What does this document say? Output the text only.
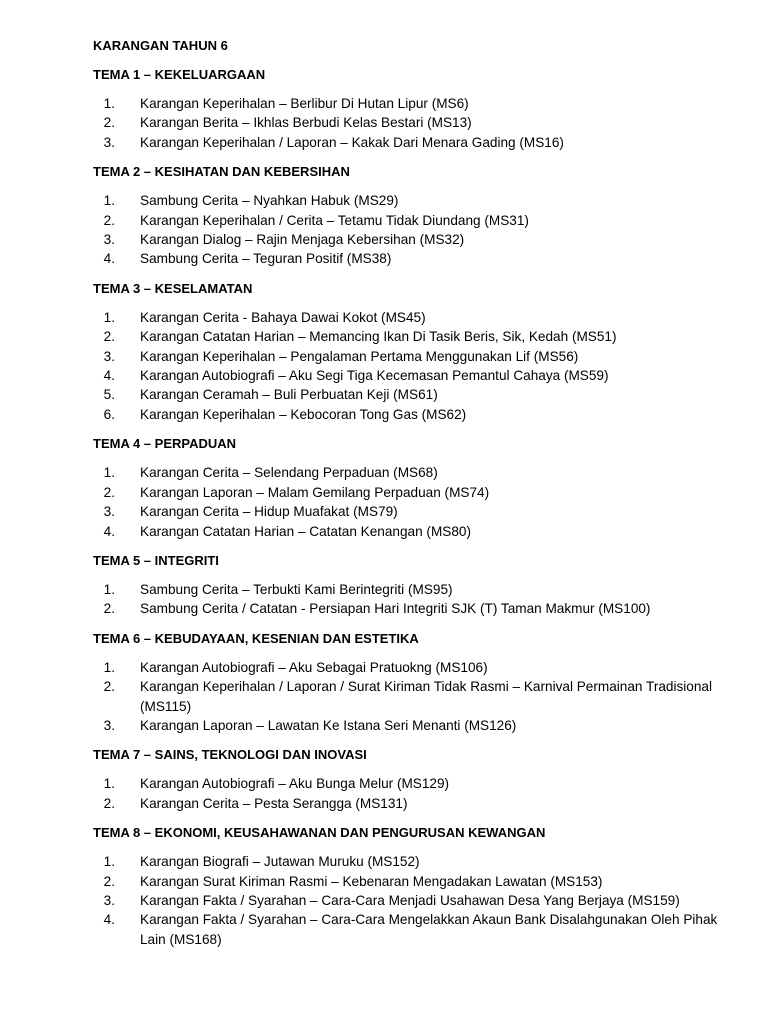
KARANGAN TAHUN 6
TEMA 1 – KEKELUARGAAN
1. Karangan Keperihalan – Berlibur Di Hutan Lipur (MS6)
2. Karangan Berita – Ikhlas Berbudi Kelas Bestari (MS13)
3. Karangan Keperihalan / Laporan – Kakak Dari Menara Gading (MS16)
TEMA 2 – KESIHATAN DAN KEBERSIHAN
1. Sambung Cerita – Nyahkan Habuk (MS29)
2. Karangan Keperihalan / Cerita – Tetamu Tidak Diundang (MS31)
3. Karangan Dialog – Rajin Menjaga Kebersihan (MS32)
4. Sambung Cerita – Teguran Positif (MS38)
TEMA 3 – KESELAMATAN
1. Karangan Cerita - Bahaya Dawai Kokot (MS45)
2. Karangan Catatan Harian – Memancing Ikan Di Tasik Beris, Sik, Kedah (MS51)
3. Karangan Keperihalan – Pengalaman Pertama Menggunakan Lif (MS56)
4. Karangan Autobiografi – Aku Segi Tiga Kecemasan Pemantul Cahaya (MS59)
5. Karangan Ceramah – Buli Perbuatan Keji (MS61)
6. Karangan Keperihalan – Kebocoran Tong Gas (MS62)
TEMA 4 – PERPADUAN
1. Karangan Cerita – Selendang Perpaduan (MS68)
2. Karangan Laporan – Malam Gemilang Perpaduan (MS74)
3. Karangan Cerita – Hidup Muafakat (MS79)
4. Karangan Catatan Harian – Catatan Kenangan (MS80)
TEMA 5 – INTEGRITI
1. Sambung Cerita – Terbukti Kami Berintegriti (MS95)
2. Sambung Cerita / Catatan - Persiapan Hari Integriti SJK (T) Taman Makmur (MS100)
TEMA 6 – KEBUDAYAAN, KESENIAN DAN ESTETIKA
1. Karangan Autobiografi – Aku Sebagai Pratuokng (MS106)
2. Karangan Keperihalan / Laporan / Surat Kiriman Tidak Rasmi – Karnival Permainan Tradisional (MS115)
3. Karangan Laporan – Lawatan Ke Istana Seri Menanti (MS126)
TEMA 7 – SAINS, TEKNOLOGI DAN INOVASI
1. Karangan Autobiografi – Aku Bunga Melur (MS129)
2. Karangan Cerita – Pesta Serangga (MS131)
TEMA 8 – EKONOMI, KEUSAHAWANAN DAN PENGURUSAN KEWANGAN
1. Karangan Biografi – Jutawan Muruku (MS152)
2. Karangan Surat Kiriman Rasmi – Kebenaran Mengadakan Lawatan (MS153)
3. Karangan Fakta / Syarahan – Cara-Cara Menjadi Usahawan Desa Yang Berjaya (MS159)
4. Karangan Fakta / Syarahan – Cara-Cara Mengelakkan Akaun Bank Disalahgunakan Oleh Pihak Lain (MS168)
